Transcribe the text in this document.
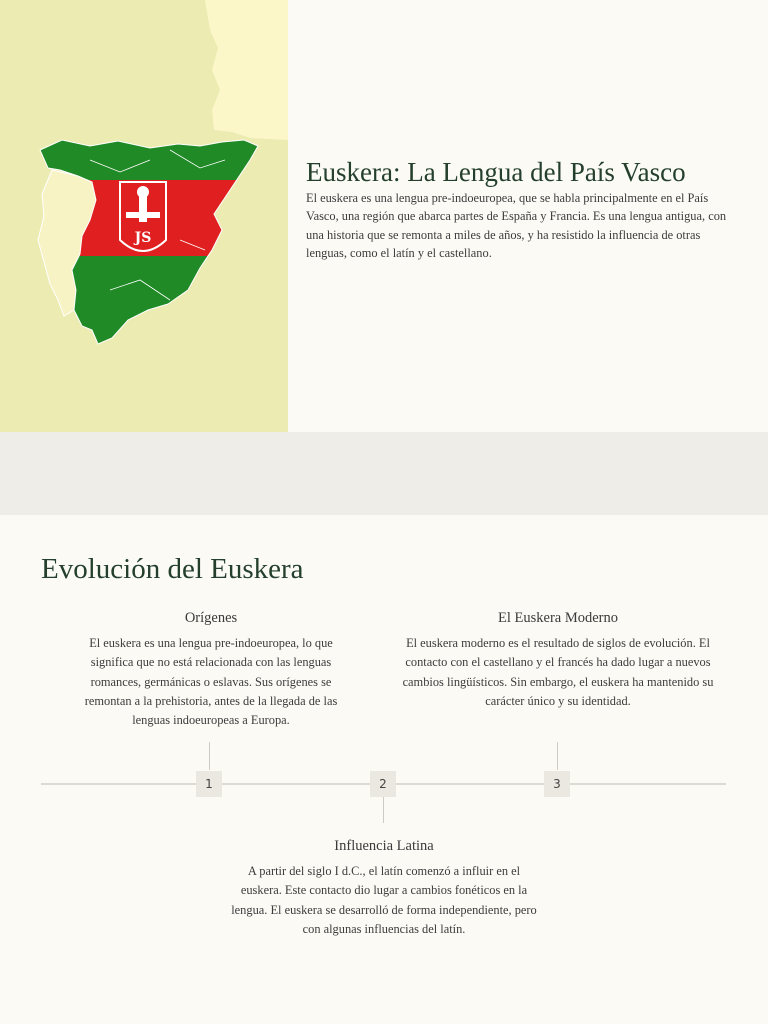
JS
Euskera: La Lengua del País Vasco
El euskera es una lengua pre-indoeuropea, que se habla principalmente en el País Vasco, una región que abarca partes de España y Francia. Es una lengua antigua, con una historia que se remonta a miles de años, y ha resistido la influencia de otras lenguas, como el latín y el castellano.
Evolución del Euskera
Orígenes
El euskera es una lengua pre-indoeuropea, lo que significa que no está relacionada con las lenguas romances, germánicas o eslavas. Sus orígenes se remontan a la prehistoria, antes de la llegada de las lenguas indoeuropeas a Europa.
El Euskera Moderno
El euskera moderno es el resultado de siglos de evolución. El contacto con el castellano y el francés ha dado lugar a nuevos cambios lingüísticos. Sin embargo, el euskera ha mantenido su carácter único y su identidad.
1	2	3
Influencia Latina
A partir del siglo I d.C., el latín comenzó a influir en el euskera. Este contacto dio lugar a cambios fonéticos en la lengua. El euskera se desarrolló de forma independiente, pero con algunas influencias del latín.
